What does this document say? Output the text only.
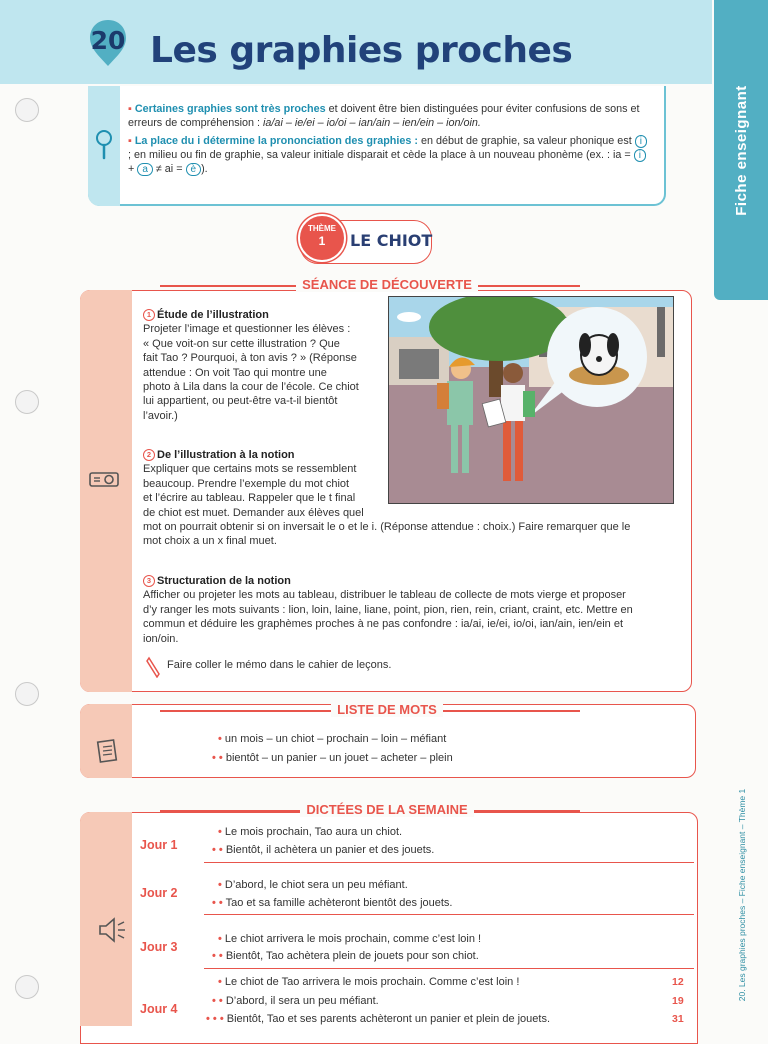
20 Les graphies proches
Fiche enseignant

▪ Certaines graphies sont très proches et doivent être bien distinguées pour éviter confusions de sons et erreurs de compréhension : ia/ai – ie/ei – io/oi – ian/ain – ien/ein – ion/oin.

▪ La place du i détermine la prononciation des graphies : en début de graphie, sa valeur phonique est i ; en milieu ou fin de graphie, sa valeur initiale disparait et cède la place à un nouveau phonème (ex. : ia = i + a ≠ ai = è ).

THÈME
1	LE CHIOT
SÉANCE DE DÉCOUVERTE

1 Étude de l’illustration

Projeter l’image et questionner les élèves :

« Que voit-on sur cette illustration ? Que

fait Tao ? Pourquoi, à ton avis ? » (Réponse

attendue : On voit Tao qui montre une

photo à Lila dans la cour de l’école. Ce chiot

lui appartient, ou peut-être va-t-il bientôt

l’avoir.)

2 De l’illustration à la notion

Expliquer que certains mots se ressemblent

beaucoup. Prendre l’exemple du mot chiot

et l’écrire au tableau. Rappeler que le t final

de chiot est muet. Demander aux élèves quel

mot on pourrait obtenir si on inversait le o et le i. (Réponse attendue : choix.) Faire remarquer que le

mot choix a un x final muet.

3 Structuration de la notion

Afficher ou projeter les mots au tableau, distribuer le tableau de collecte de mots vierge et proposer

d’y ranger les mots suivants : lion, loin, laine, liane, point, pion, rien, rein, criant, craint, etc. Mettre en

commun et déduire les graphèmes proches à ne pas confondre : ia/ai, ie/ei, io/oi, ian/ain, ien/ein et

ion/oin.

Faire coller le mémo dans le cahier de leçons.
LISTE DE MOTS
• un mois – un chiot – prochain – loin – méfiant
• • bientôt – un panier – un jouet – acheter – plein
DICTÉES DE LA SEMAINE
Jour 1
• Le mois prochain, Tao aura un chiot.
• • Bientôt, il achètera un panier et des jouets.
Jour 2
• D’abord, le chiot sera un peu méfiant.
• • Tao et sa famille achèteront bientôt des jouets.
Jour 3
• Le chiot arrivera le mois prochain, comme c’est loin !
• • Bientôt, Tao achètera plein de jouets pour son chiot.
Jour 4
• Le chiot de Tao arrivera le mois prochain. Comme c’est loin !
• • D’abord, il sera un peu méfiant.
• • • Bientôt, Tao et ses parents achèteront un panier et plein de jouets.
12
19
31
20. Les graphies proches – Fiche enseignant – Thème 1
